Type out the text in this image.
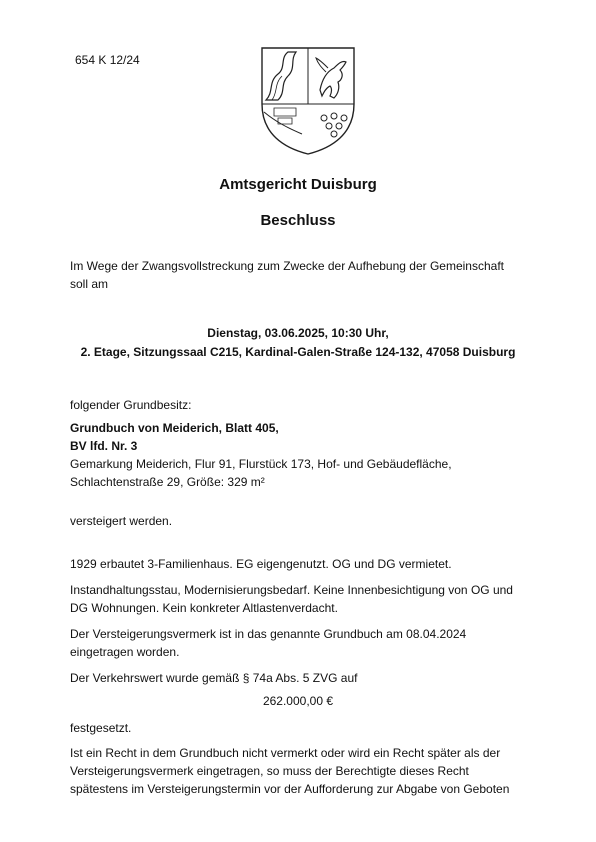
654 K 12/24
Amtsgericht Duisburg
Beschluss
Im Wege der Zwangsvollstreckung zum Zwecke der Aufhebung der Gemeinschaft
soll am
Dienstag, 03.06.2025, 10:30 Uhr,
2. Etage, Sitzungssaal C215, Kardinal-Galen-Straße 124-132, 47058 Duisburg
folgender Grundbesitz:
Grundbuch von Meiderich, Blatt 405,
BV lfd. Nr. 3
Gemarkung Meiderich, Flur 91, Flurstück 173, Hof- und Gebäudefläche,
Schlachtenstraße 29, Größe: 329 m²
versteigert werden.
1929 erbautet 3-Familienhaus. EG eigengenutzt. OG und DG vermietet.
Instandhaltungsstau, Modernisierungsbedarf. Keine Innenbesichtigung von OG und
DG Wohnungen. Kein konkreter Altlastenverdacht.
Der Versteigerungsvermerk ist in das genannte Grundbuch am 08.04.2024
eingetragen worden.
Der Verkehrswert wurde gemäß § 74a Abs. 5 ZVG auf
262.000,00 €
festgesetzt.
Ist ein Recht in dem Grundbuch nicht vermerkt oder wird ein Recht später als der
Versteigerungsvermerk eingetragen, so muss der Berechtigte dieses Recht
spätestens im Versteigerungstermin vor der Aufforderung zur Abgabe von Geboten
